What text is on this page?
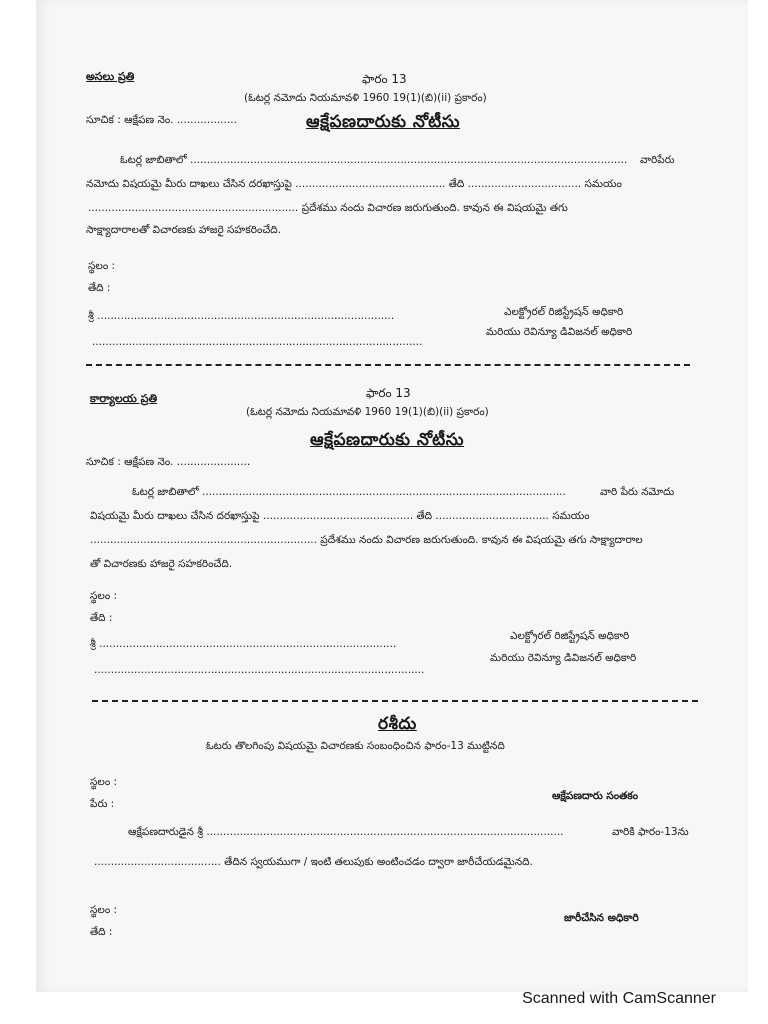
అసలు ప్రతి	ఫారం 13
(ఓటర్ల నమోదు నియమావళి 1960 19(1)(బి)(ii) ప్రకారం)
సూచిక : ఆక్షేపణ నెం. ..................	ఆక్షేపణదారుకు నోటీసు
ఓటర్ల జాబితాలో ................................................................................................................................... వారిపేరు
నమోదు విషయమై మీరు దాఖలు చేసిన దరఖాస్తుపై ............................................. తేది .................................. సమయం
............................................................... ప్రదేశము నందు విచారణ జరుగుతుంది. కావున ఈ విషయమై తగు
సాక్ష్యాదారాలతో విచారణకు హాజరై సహకరించేది.
స్థలం :
తేది :
శ్రీ .........................................................................................
...................................................................................................
ఎలక్ట్రోరల్ రిజిస్ట్రేషన్ అధికారి
మరియు రెవిన్యూ డివిజనల్ అధికారి
ఫారం 13
కార్యాలయ ప్రతి
(ఓటర్ల నమోదు నియమావళి 1960 19(1)(బి)(ii) ప్రకారం)
ఆక్షేపణదారుకు నోటీసు
సూచిక : ఆక్షేపణ నెం. ......................
ఓటర్ల జాబితాలో .............................................................................................................	వారి పేరు నమోదు
విషయమై మీరు దాఖలు చేసిన దరఖాస్తుపై ............................................. తేది .................................. సమయం
.................................................................... ప్రదేశము నందు విచారణ జరుగుతుంది. కావున ఈ విషయమై తగు సాక్ష్యాదారాల
తో విచారణకు హాజరై సహకరించేది.
స్థలం :
తేది :
శ్రీ .........................................................................................
...................................................................................................
ఎలక్ట్రోరల్ రిజిస్ట్రేషన్ అధికారి
మరియు రెవిన్యూ డివిజనల్ అధికారి
రశీదు
ఓటరు తొలగింపు విషయమై విచారణకు సంబంధించిన ఫారం-13 ముట్టినది
స్థలం :
పేరు :
ఆక్షేపణదారు సంతకం
ఆక్షేపణదారుడైన శ్రీ ...........................................................................................................	వారికి ఫారం-13ను
...................................... తేదిన స్వయముగా / ఇంటి తలుపుకు అంటించడం ద్వారా జారీచేయడమైనది.
స్థలం :
తేది :
జారీచేసిన అధికారి
Scanned with CamScanner
